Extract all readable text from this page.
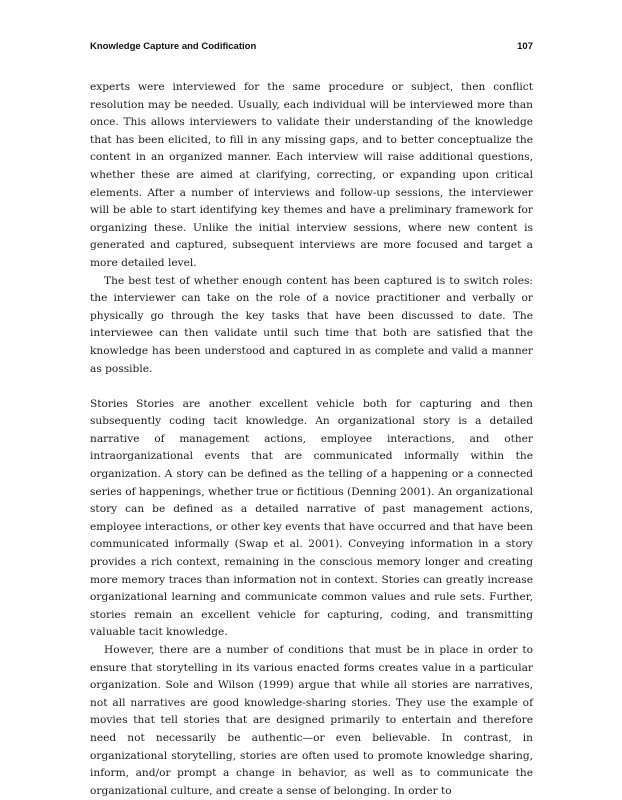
Knowledge Capture and Codification	107

experts were interviewed for the same procedure or subject, then conflict resolution may be needed. Usually, each individual will be interviewed more than once. This allows interviewers to validate their understanding of the knowledge that has been elicited, to fill in any missing gaps, and to better conceptualize the content in an organized manner. Each interview will raise additional questions, whether these are aimed at clarifying, correcting, or expanding upon critical elements. After a number of interviews and follow-up sessions, the interviewer will be able to start identifying key themes and have a preliminary framework for organizing these. Unlike the initial interview sessions, where new content is generated and captured, subsequent interviews are more focused and target a more detailed level.

The best test of whether enough content has been captured is to switch roles: the interviewer can take on the role of a novice practitioner and verbally or physically go through the key tasks that have been discussed to date. The interviewee can then validate until such time that both are satisfied that the knowledge has been understood and captured in as complete and valid a manner as possible.

Stories Stories are another excellent vehicle both for capturing and then subsequently coding tacit knowledge. An organizational story is a detailed narrative of management actions, employee interactions, and other intraorganizational events that are communicated informally within the organization. A story can be defined as the telling of a happening or a connected series of happenings, whether true or fictitious (Denning 2001). An organizational story can be defined as a detailed narrative of past management actions, employee interactions, or other key events that have occurred and that have been communicated informally (Swap et al. 2001). Conveying information in a story provides a rich context, remaining in the conscious memory longer and creating more memory traces than information not in context. Stories can greatly increase organizational learning and communicate common values and rule sets. Further, stories remain an excellent vehicle for capturing, coding, and transmitting valuable tacit knowledge.

However, there are a number of conditions that must be in place in order to ensure that storytelling in its various enacted forms creates value in a particular organization. Sole and Wilson (1999) argue that while all stories are narratives, not all narratives are good knowledge-sharing stories. They use the example of movies that tell stories that are designed primarily to entertain and therefore need not necessarily be authentic—or even believable. In contrast, in organizational storytelling, stories are often used to promote knowledge sharing, inform, and/or prompt a change in behavior, as well as to communicate the organizational culture, and create a sense of belonging. In order to
